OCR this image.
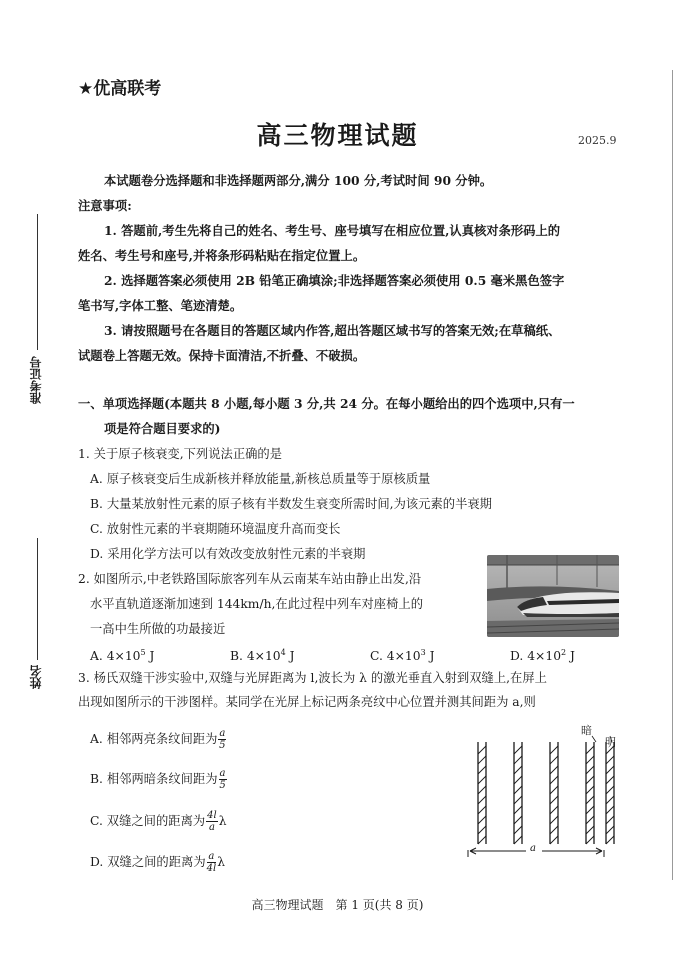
★优高联考
高三物理试题	2025.9
准考证号
姓名
本试题卷分选择题和非选择题两部分,满分 100 分,考试时间 90 分钟。
注意事项:
1. 答题前,考生先将自己的姓名、考生号、座号填写在相应位置,认真核对条形码上的
姓名、考生号和座号,并将条形码粘贴在指定位置上。
2. 选择题答案必须使用 2B 铅笔正确填涂;非选择题答案必须使用 0.5 毫米黑色签字
笔书写,字体工整、笔迹清楚。
3. 请按照题号在各题目的答题区域内作答,超出答题区域书写的答案无效;在草稿纸、
试题卷上答题无效。保持卡面清洁,不折叠、不破损。
一、单项选择题(本题共 8 小题,每小题 3 分,共 24 分。在每小题给出的四个选项中,只有一
项是符合题目要求的)
1. 关于原子核衰变,下列说法正确的是
A. 原子核衰变后生成新核并释放能量,新核总质量等于原核质量
B. 大量某放射性元素的原子核有半数发生衰变所需时间,为该元素的半衰期
C. 放射性元素的半衰期随环境温度升高而变长
D. 采用化学方法可以有效改变放射性元素的半衰期
2. 如图所示,中老铁路国际旅客列车从云南某车站由静止出发,沿
水平直轨道逐渐加速到 144km/h,在此过程中列车对座椅上的
一高中生所做的功最接近
A. $4\times 10^5$ J	B. $4\times 10^4$ J	C. $4\times 10^3$ J	D. $4\times 10^2$ J
3. 杨氏双缝干涉实验中,双缝与光屏距离为 l,波长为 λ 的激光垂直入射到双缝上,在屏上
出现如图所示的干涉图样。某同学在光屏上标记两条亮纹中心位置并测其间距为 a,则
A. 相邻两亮条纹间距为 $\frac{a}{5}$
B. 相邻两暗条纹间距为 $\frac{a}{5}$
C. 双缝之间的距离为 $\frac{4l}{a}$ λ
D. 双缝之间的距离为 $\frac{a}{4l}$ λ
暗
明
a
高三物理试题　第 1 页(共 8 页)
